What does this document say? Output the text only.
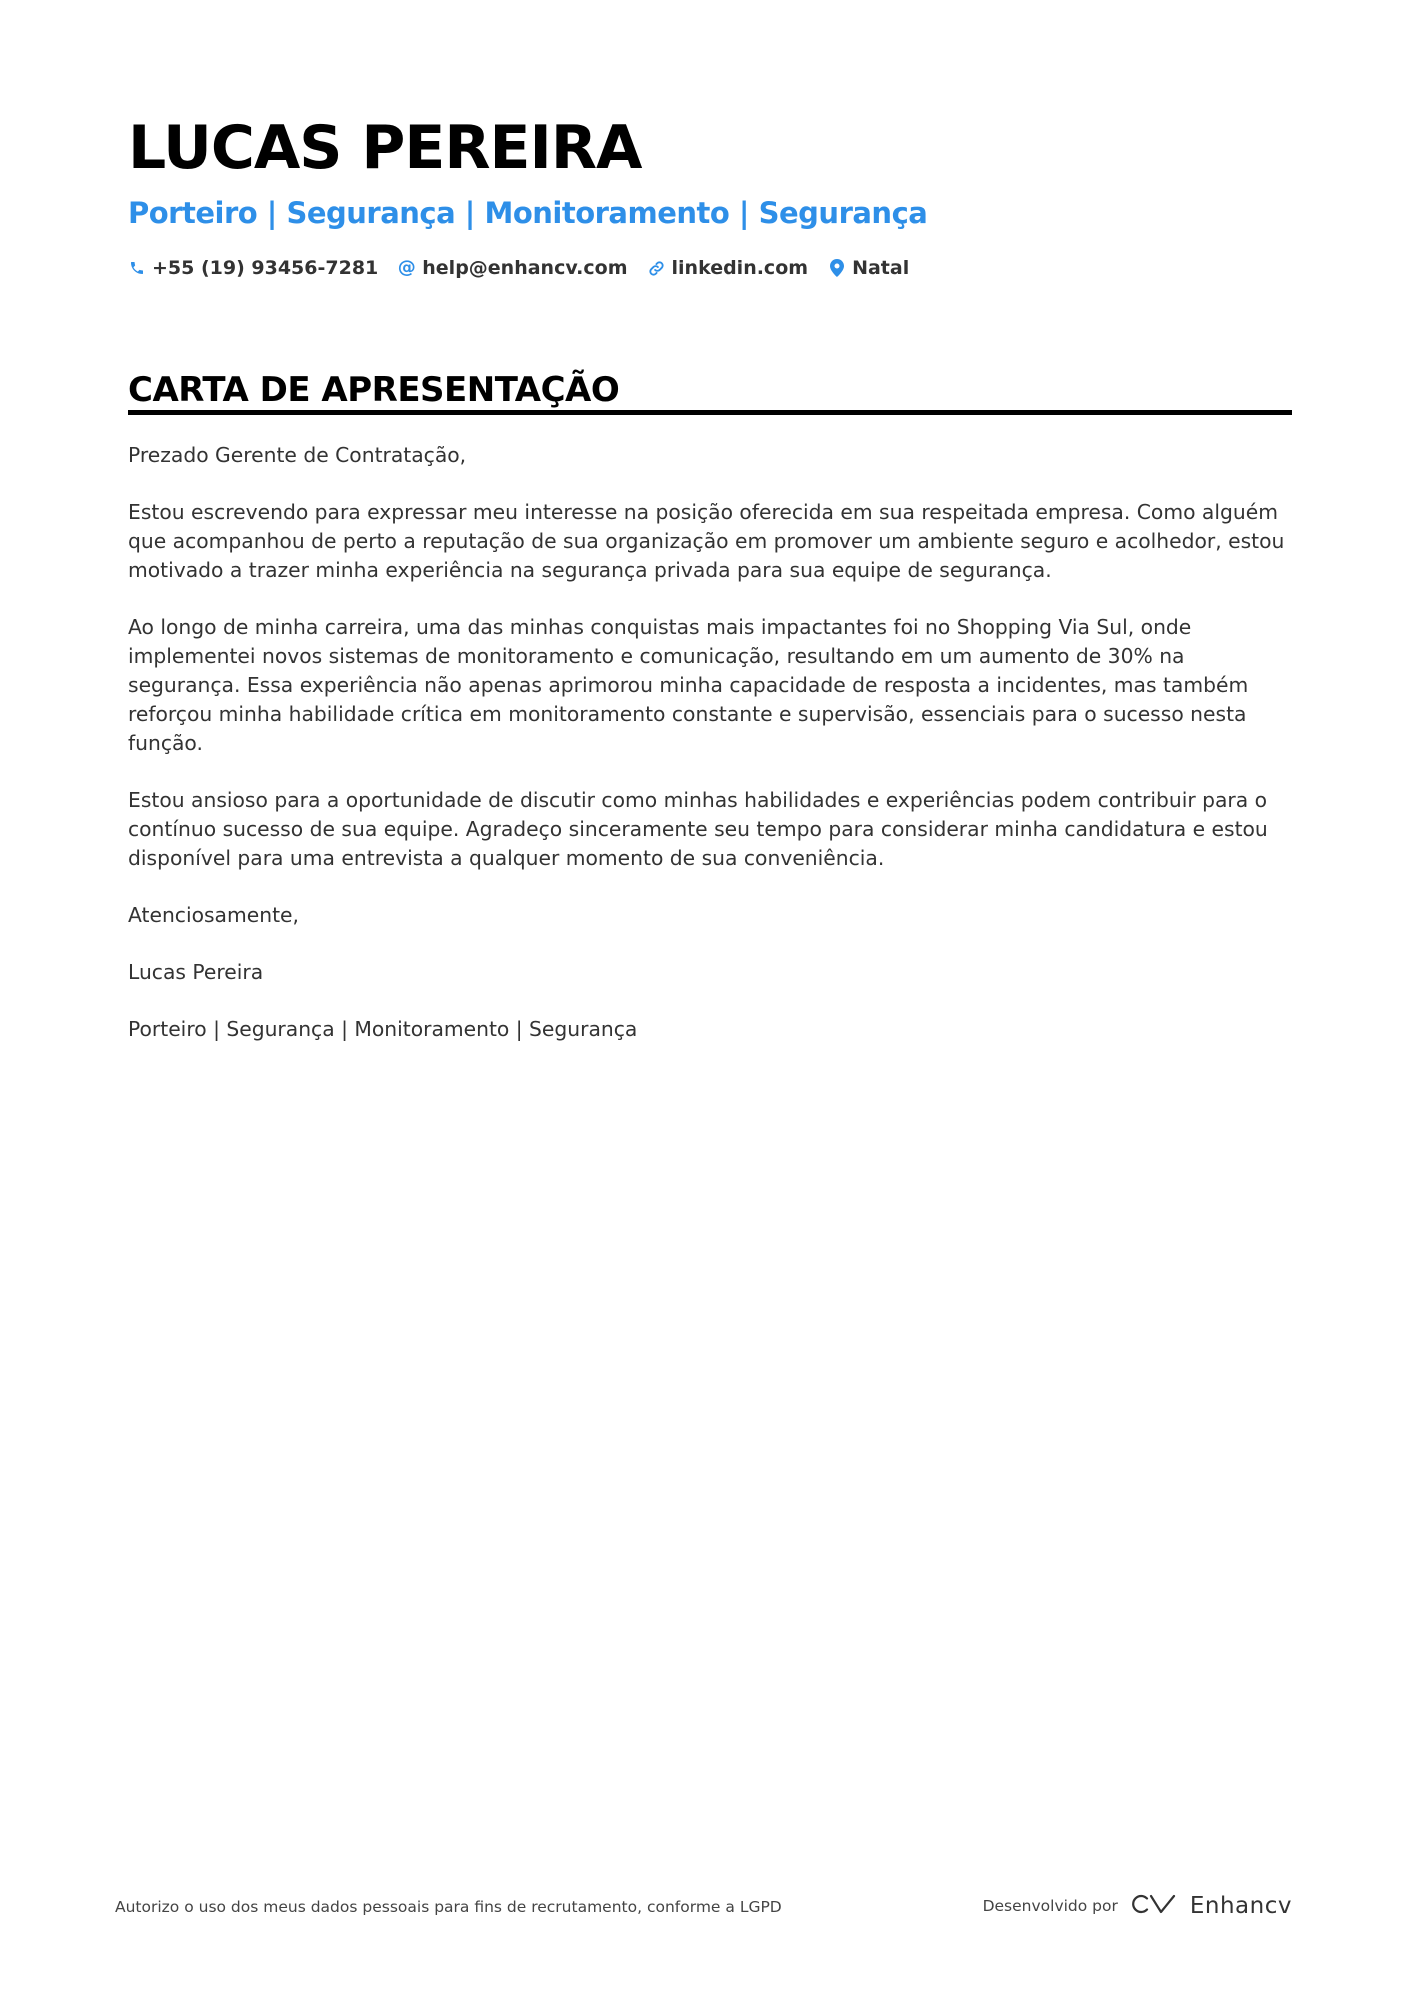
LUCAS PEREIRA
Porteiro | Segurança | Monitoramento | Segurança
+55 (19) 93456-7281 @ help@enhancv.com linkedin.com Natal
CARTA DE APRESENTAÇÃO

Prezado Gerente de Contratação,

Estou escrevendo para expressar meu interesse na posição oferecida em sua respeitada empresa. Como alguém que acompanhou de perto a reputação de sua organização em promover um ambiente seguro e acolhedor, estou motivado a trazer minha experiência na segurança privada para sua equipe de segurança.

Ao longo de minha carreira, uma das minhas conquistas mais impactantes foi no Shopping Via Sul, onde implementei novos sistemas de monitoramento e comunicação, resultando em um aumento de 30% na segurança. Essa experiência não apenas aprimorou minha capacidade de resposta a incidentes, mas também reforçou minha habilidade crítica em monitoramento constante e supervisão, essenciais para o sucesso nesta função.

Estou ansioso para a oportunidade de discutir como minhas habilidades e experiências podem contribuir para o contínuo sucesso de sua equipe. Agradeço sinceramente seu tempo para considerar minha candidatura e estou disponível para uma entrevista a qualquer momento de sua conveniência.

Atenciosamente,

Lucas Pereira

Porteiro | Segurança | Monitoramento | Segurança

Autorizo o uso dos meus dados pessoais para fins de recrutamento, conforme a LGPD	Desenvolvido por	Enhancv
